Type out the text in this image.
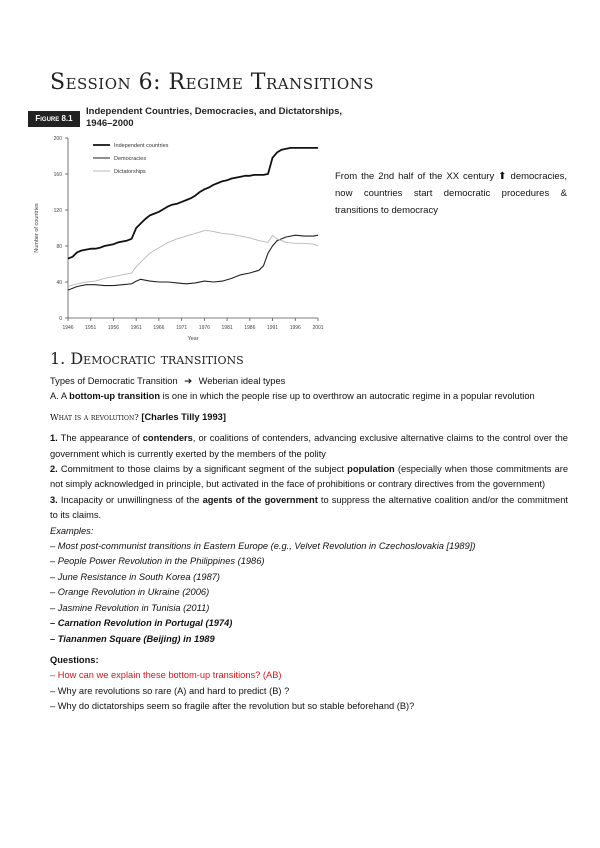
Session 6: Regime Transitions
Figure 8.1
Independent Countries, Democracies, and Dictatorships,
1946–2000
0
40
80
120
160
200
1946 1951 1956 1961 1966 1971 1976 1981 1986 1991 1996 2001
Number of countries
Year
Independent countries
Democracies
Dictatorships	From the 2nd half of the XX century ⬆ democracies, now countries start democratic procedures & transitions to democracy
1. Democratic transitions

Types of Democratic Transition ➔ Weberian ideal types

A. A bottom-up transition is one in which the people rise up to overthrow an autocratic regime in a popular revolution

What is a revolution? [Charles Tilly 1993]

1. The appearance of contenders, or coalitions of contenders, advancing exclusive alternative claims to the control over the government which is currently exerted by the members of the polity

2. Commitment to those claims by a significant segment of the subject population (especially when those commitments are not simply acknowledged in principle, but activated in the face of prohibitions or contrary directives from the government)

3. Incapacity or unwillingness of the agents of the government to suppress the alternative coalition and/or the commitment to its claims.

Examples:

– Most post-communist transitions in Eastern Europe (e.g., Velvet Revolution in Czechoslovakia [1989])

– People Power Revolution in the Philippines (1986)

– June Resistance in South Korea (1987)

– Orange Revolution in Ukraine (2006)

– Jasmine Revolution in Tunisia (2011)

– Carnation Revolution in Portugal (1974)

– Tiananmen Square (Beijing) in 1989

Questions:

– How can we explain these bottom-up transitions? (AB)

– Why are revolutions so rare (A) and hard to predict (B) ?

– Why do dictatorships seem so fragile after the revolution but so stable beforehand (B)?
